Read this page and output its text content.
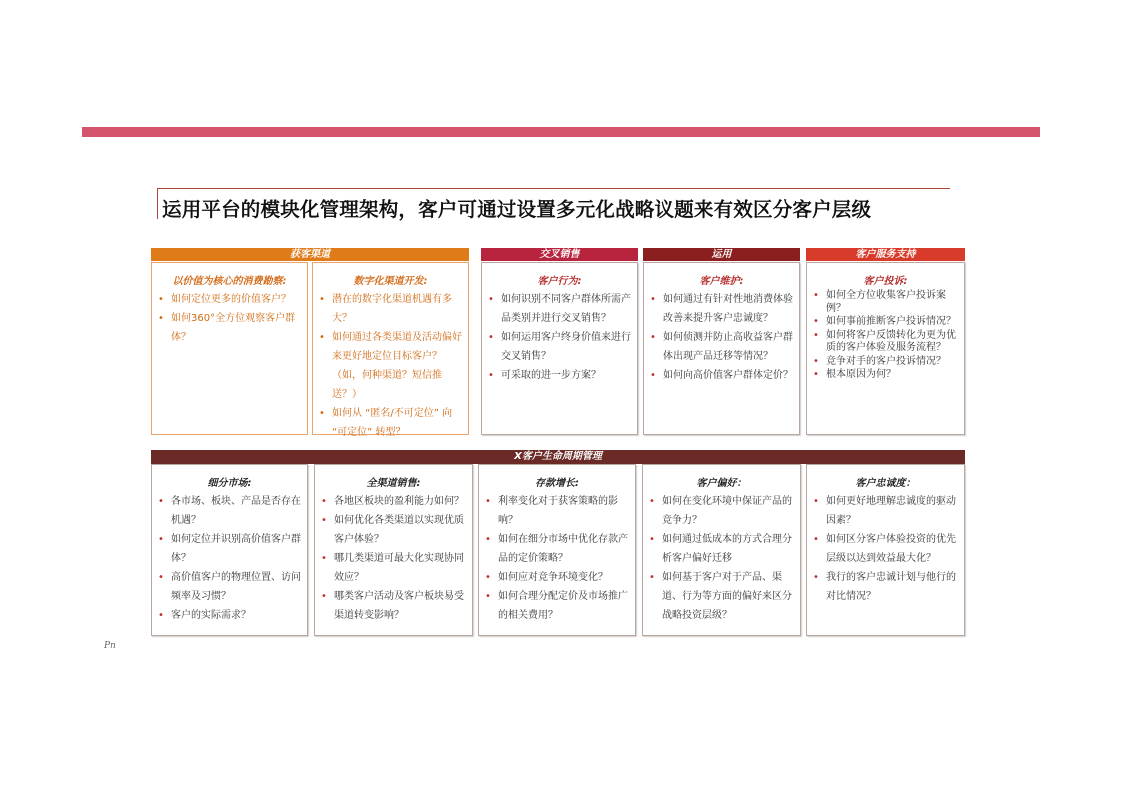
运用平台的模块化管理架构，客户可通过设置多元化战略议题来有效区分客户层级
获客渠道
以价值为核心的消费勘察:
• 如何定位更多的价值客户？
• 如何360°全方位观察客户群体？
数字化渠道开发:
• 潜在的数字化渠道机遇有多大？
• 如何通过各类渠道及活动偏好来更好地定位目标客户？（如，何种渠道？短信推送？）
• 如何从 “匿名/不可定位” 向 “可定位” 转型？
交叉销售
客户行为:
• 如何识别不同客户群体所需产品类别并进行交叉销售？
• 如何运用客户终身价值来进行交叉销售？
• 可采取的进一步方案？
运用
客户维护:
• 如何通过有针对性地消费体验改善来提升客户忠诚度？
• 如何侦测并防止高收益客户群体出现产品迁移等情况？
• 如何向高价值客户群体定价？
客户服务支持
客户投诉:
• 如何全方位收集客户投诉案例？
• 如何事前推断客户投诉情况？
• 如何将客户反馈转化为更为优质的客户体验及服务流程？
• 竞争对手的客户投诉情况？
• 根本原因为何？
X客户生命周期管理
细分市场:
• 各市场、板块、产品是否存在机遇？
• 如何定位并识别高价值客户群体？
• 高价值客户的物理位置、访问频率及习惯？
• 客户的实际需求？
全渠道销售:
• 各地区板块的盈利能力如何？
• 如何优化各类渠道以实现优质客户体验？
• 哪几类渠道可最大化实现协同效应？
• 哪类客户活动及客户板块易受渠道转变影响？
存款增长:
• 利率变化对于获客策略的影响？
• 如何在细分市场中优化存款产品的定价策略？
• 如何应对竞争环境变化？
• 如何合理分配定价及市场推广的相关费用？
客户偏好：
• 如何在变化环境中保证产品的竞争力？
• 如何通过低成本的方式合理分析客户偏好迁移
• 如何基于客户对于产品、渠道、行为等方面的偏好来区分战略投资层级？
客户忠诚度：
• 如何更好地理解忠诚度的驱动因素？
• 如何区分客户体验投资的优先层级以达到效益最大化？
• 我行的客户忠诚计划与他行的对比情况？
Pn
